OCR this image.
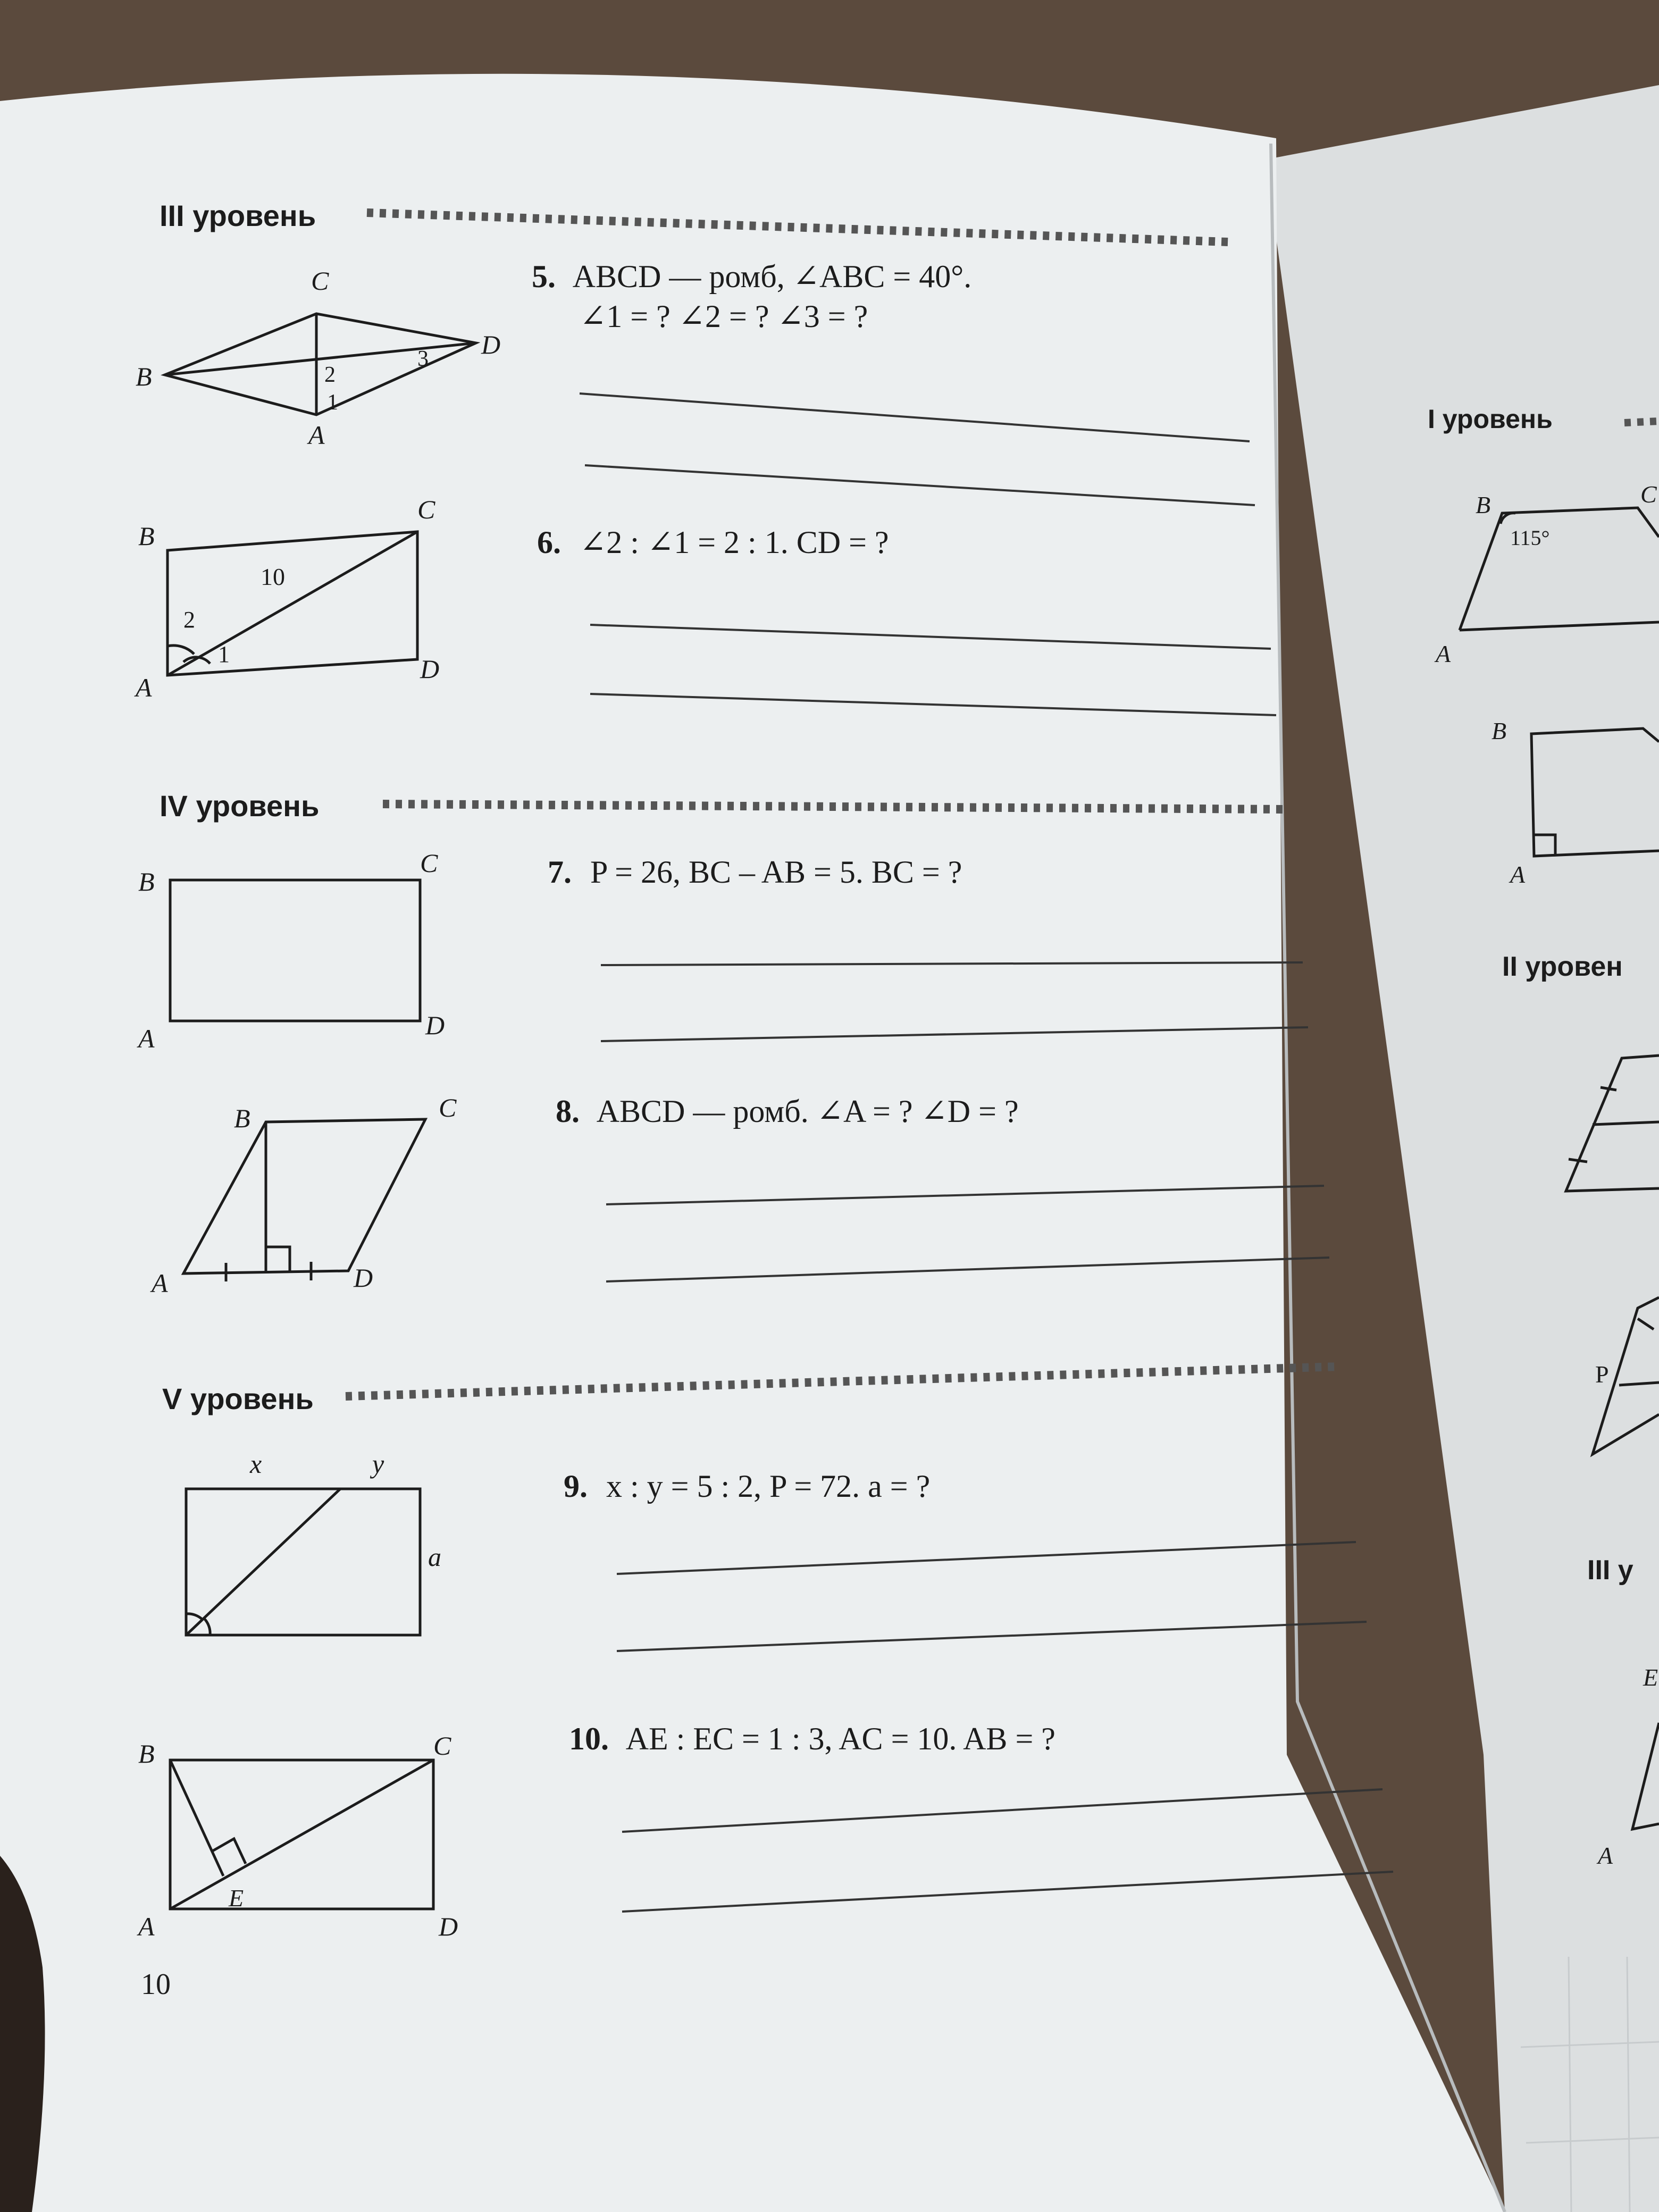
III уровень
IV уровень
V уровень
5. ABCD — ромб, ∠ABC = 40°.
∠1 = ? ∠2 = ? ∠3 = ?
C
B
D
A
1
2
3
6. ∠2 : ∠1 = 2 : 1. CD = ?
B
C
A
D
10
2
1
7. P = 26, BC – AB = 5. BC = ?
B
C
A	D
8. ABCD — ромб. ∠A = ? ∠D = ?
B	C
A	D
9. x : y = 5 : 2, P = 72. a = ?
x	y
a
10. AE : EC = 1 : 3, AC = 10. AB = ?
B	C
A	D
E
10
I уровень
B	C
115°
A
B
A
II уровен
P
III у
E
A
